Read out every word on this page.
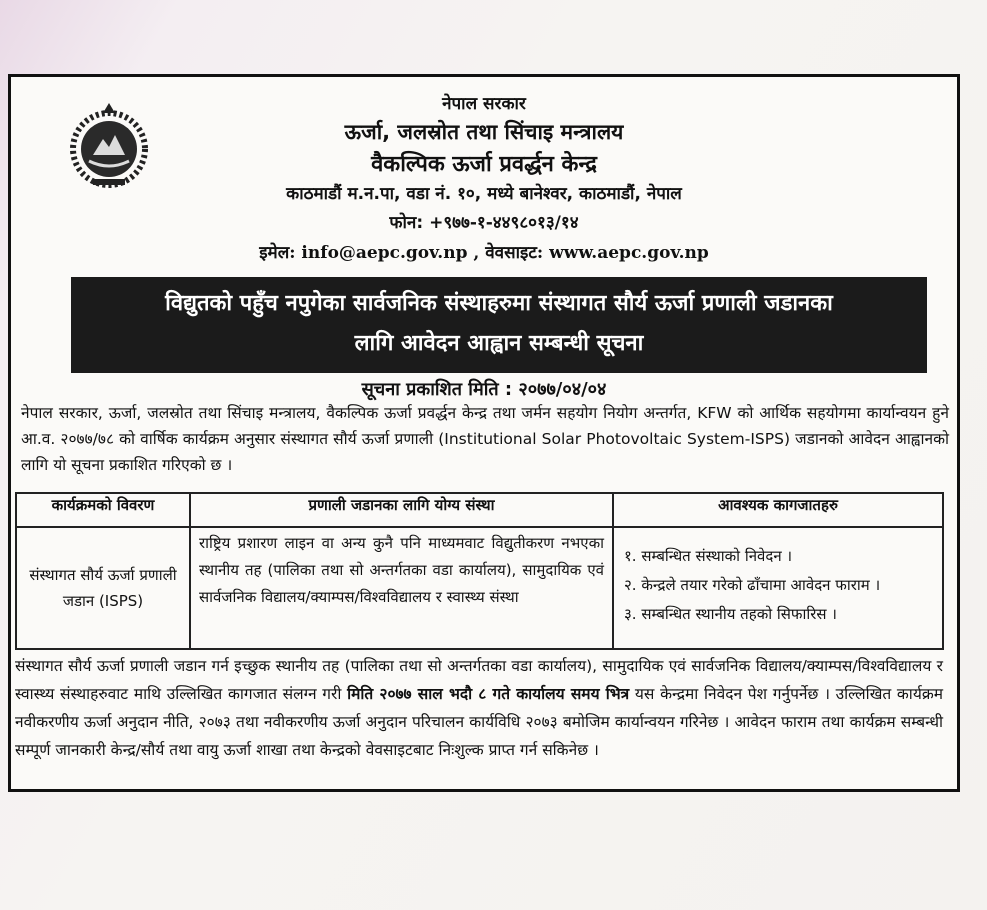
नेपाल सरकार
ऊर्जा, जलस्रोत तथा सिंचाइ मन्त्रालय
वैकल्पिक ऊर्जा प्रवर्द्धन केन्द्र
काठमाडौं म.न.पा, वडा नं. १०, मध्ये बानेश्वर, काठमाडौं, नेपाल
फोन: +९७७-१-४४९८०१३/१४
इमेल: info@aepc.gov.np , वेवसाइट: www.aepc.gov.np
विद्युतको पहुँच नपुगेका सार्वजनिक संस्थाहरुमा संस्थागत सौर्य ऊर्जा प्रणाली जडानका
लागि आवेदन आह्वान सम्बन्धी सूचना
सूचना प्रकाशित मिति : २०७७/०४/०४
नेपाल सरकार, ऊर्जा, जलस्रोत तथा सिंचाइ मन्त्रालय, वैकल्पिक ऊर्जा प्रवर्द्धन केन्द्र तथा जर्मन सहयोग नियोग अन्तर्गत, KFW को आर्थिक सहयोगमा कार्यान्वयन हुने आ.व. २०७७/७८ को वार्षिक कार्यक्रम अनुसार संस्थागत सौर्य ऊर्जा प्रणाली (Institutional Solar Photovoltaic System-ISPS) जडानको आवेदन आह्वानको लागि यो सूचना प्रकाशित गरिएको छ ।
कार्यक्रमको विवरण	प्रणाली जडानका लागि योग्य संस्था	आवश्यक कागजातहरु
संस्थागत सौर्य ऊर्जा प्रणाली जडान (ISPS)	राष्ट्रिय प्रशारण लाइन वा अन्य कुनै पनि माध्यमवाट विद्युतीकरण नभएका स्थानीय तह (पालिका तथा सो अन्तर्गतका वडा कार्यालय), सामुदायिक एवं सार्वजनिक विद्यालय/क्याम्पस/विश्वविद्यालय र स्वास्थ्य संस्था	१. सम्बन्धित संस्थाको निवेदन ।
२. केन्द्रले तयार गरेको ढाँचामा आवेदन फाराम ।
३. सम्बन्धित स्थानीय तहको सिफारिस ।
संस्थागत सौर्य ऊर्जा प्रणाली जडान गर्न इच्छुक स्थानीय तह (पालिका तथा सो अन्तर्गतका वडा कार्यालय), सामुदायिक एवं सार्वजनिक विद्यालय/क्याम्पस/विश्वविद्यालय र स्वास्थ्य संस्थाहरुवाट माथि उल्लिखित कागजात संलग्न गरी मिति २०७७ साल भदौ ८ गते कार्यालय समय भित्र यस केन्द्रमा निवेदन पेश गर्नुपर्नेछ । उल्लिखित कार्यक्रम नवीकरणीय ऊर्जा अनुदान नीति, २०७३ तथा नवीकरणीय ऊर्जा अनुदान परिचालन कार्यविधि २०७३ बमोजिम कार्यान्वयन गरिनेछ । आवेदन फाराम तथा कार्यक्रम सम्बन्धी सम्पूर्ण जानकारी केन्द्र/सौर्य तथा वायु ऊर्जा शाखा तथा केन्द्रको वेवसाइटबाट निःशुल्क प्राप्त गर्न सकिनेछ ।
